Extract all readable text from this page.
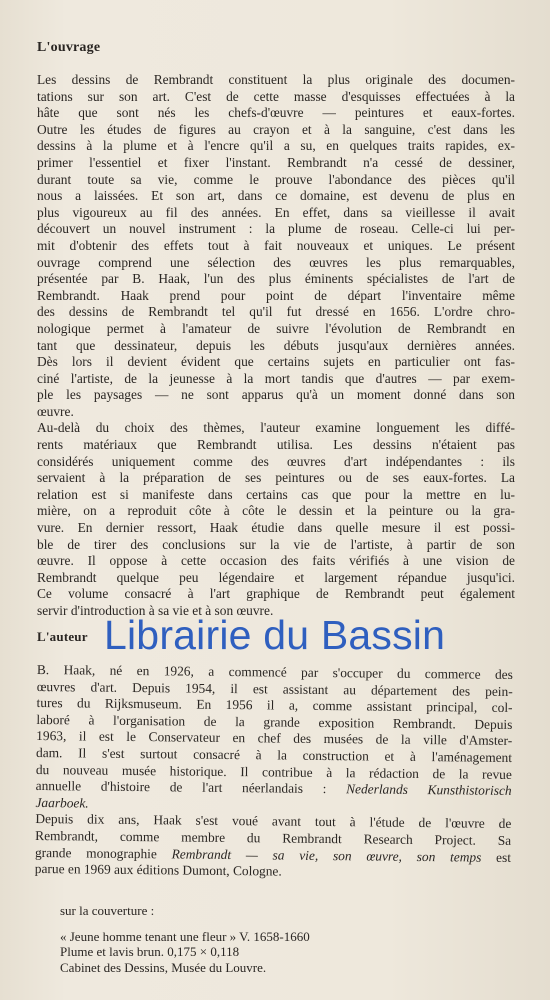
L'ouvrage
Les dessins de Rembrandt constituent la plus originale des documen-
tations sur son art. C'est de cette masse d'esquisses effectuées à la
hâte que sont nés les chefs-d'œuvre — peintures et eaux-fortes.
Outre les études de figures au crayon et à la sanguine, c'est dans les
dessins à la plume et à l'encre qu'il a su, en quelques traits rapides, ex-
primer l'essentiel et fixer l'instant. Rembrandt n'a cessé de dessiner,
durant toute sa vie, comme le prouve l'abondance des pièces qu'il
nous a laissées. Et son art, dans ce domaine, est devenu de plus en
plus vigoureux au fil des années. En effet, dans sa vieillesse il avait
découvert un nouvel instrument : la plume de roseau. Celle-ci lui per-
mit d'obtenir des effets tout à fait nouveaux et uniques. Le présent
ouvrage comprend une sélection des œuvres les plus remarquables,
présentée par B. Haak, l'un des plus éminents spécialistes de l'art de
Rembrandt. Haak prend pour point de départ l'inventaire même
des dessins de Rembrandt tel qu'il fut dressé en 1656. L'ordre chro-
nologique permet à l'amateur de suivre l'évolution de Rembrandt en
tant que dessinateur, depuis les débuts jusqu'aux dernières années.
Dès lors il devient évident que certains sujets en particulier ont fas-
ciné l'artiste, de la jeunesse à la mort tandis que d'autres — par exem-
ple les paysages — ne sont apparus qu'à un moment donné dans son
œuvre.
Au-delà du choix des thèmes, l'auteur examine longuement les diffé-
rents matériaux que Rembrandt utilisa. Les dessins n'étaient pas
considérés uniquement comme des œuvres d'art indépendantes : ils
servaient à la préparation de ses peintures ou de ses eaux-fortes. La
relation est si manifeste dans certains cas que pour la mettre en lu-
mière, on a reproduit côte à côte le dessin et la peinture ou la gra-
vure. En dernier ressort, Haak étudie dans quelle mesure il est possi-
ble de tirer des conclusions sur la vie de l'artiste, à partir de son
œuvre. Il oppose à cette occasion des faits vérifiés à une vision de
Rembrandt quelque peu légendaire et largement répandue jusqu'ici.
Ce volume consacré à l'art graphique de Rembrandt peut également
servir d'introduction à sa vie et à son œuvre.
L'auteur Librairie du Bassin
B. Haak, né en 1926, a commencé par s'occuper du commerce des
œuvres d'art. Depuis 1954, il est assistant au département des pein-
tures du Rijksmuseum. En 1956 il a, comme assistant principal, col-
laboré à l'organisation de la grande exposition Rembrandt. Depuis
1963, il est le Conservateur en chef des musées de la ville d'Amster-
dam. Il s'est surtout consacré à la construction et à l'aménagement
du nouveau musée historique. Il contribue à la rédaction de la revue
annuelle d'histoire de l'art néerlandais : Nederlands Kunsthistorisch
Jaarboek.
Depuis dix ans, Haak s'est voué avant tout à l'étude de l'œuvre de
Rembrandt, comme membre du Rembrandt Research Project. Sa
grande monographie Rembrandt — sa vie, son œuvre, son temps est
parue en 1969 aux éditions Dumont, Cologne.
sur la couverture :
« Jeune homme tenant une fleur » V. 1658-1660
Plume et lavis brun. 0,175 × 0,118
Cabinet des Dessins, Musée du Louvre.
